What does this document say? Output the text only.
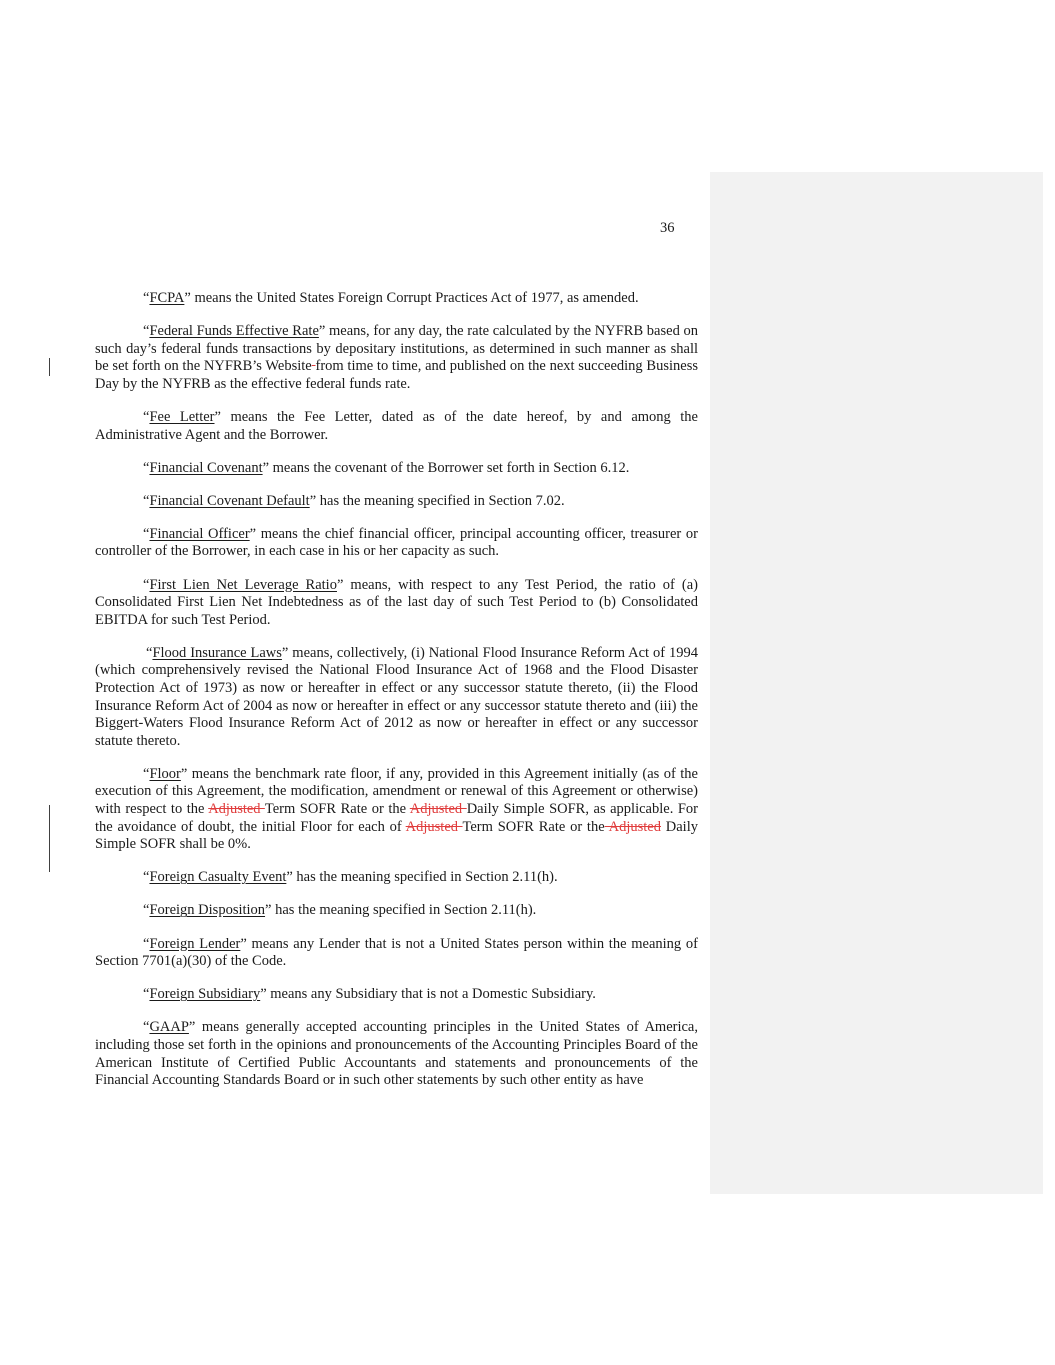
36

“FCPA” means the United States Foreign Corrupt Practices Act of 1977, as amended.

“Federal Funds Effective Rate” means, for any day, the rate calculated by the NYFRB based on such day’s federal funds transactions by depositary institutions, as determined in such manner as shall be set forth on the NYFRB’s Website from time to time, and published on the next succeeding Business Day by the NYFRB as the effective federal funds rate.

“Fee Letter” means the Fee Letter, dated as of the date hereof, by and among the Administrative Agent and the Borrower.

“Financial Covenant” means the covenant of the Borrower set forth in Section 6.12.

“Financial Covenant Default” has the meaning specified in Section 7.02.

“Financial Officer” means the chief financial officer, principal accounting officer, treasurer or controller of the Borrower, in each case in his or her capacity as such.

“First Lien Net Leverage Ratio” means, with respect to any Test Period, the ratio of (a) Consolidated First Lien Net Indebtedness as of the last day of such Test Period to (b) Consolidated EBITDA for such Test Period.

“Flood Insurance Laws” means, collectively, (i) National Flood Insurance Reform Act of 1994 (which comprehensively revised the National Flood Insurance Act of 1968 and the Flood Disaster Protection Act of 1973) as now or hereafter in effect or any successor statute thereto, (ii) the Flood Insurance Reform Act of 2004 as now or hereafter in effect or any successor statute thereto and (iii) the Biggert-Waters Flood Insurance Reform Act of 2012 as now or hereafter in effect or any successor statute thereto.

“Floor” means the benchmark rate floor, if any, provided in this Agreement initially (as of the execution of this Agreement, the modification, amendment or renewal of this Agreement or otherwise) with respect to the Adjusted Term SOFR Rate or the Adjusted Daily Simple SOFR, as applicable. For the avoidance of doubt, the initial Floor for each of Adjusted Term SOFR Rate or the Adjusted Daily Simple SOFR shall be 0%.

“Foreign Casualty Event” has the meaning specified in Section 2.11(h).

“Foreign Disposition” has the meaning specified in Section 2.11(h).

“Foreign Lender” means any Lender that is not a United States person within the meaning of Section 7701(a)(30) of the Code.

“Foreign Subsidiary” means any Subsidiary that is not a Domestic Subsidiary.

“GAAP” means generally accepted accounting principles in the United States of America, including those set forth in the opinions and pronouncements of the Accounting Principles Board of the American Institute of Certified Public Accountants and statements and pronouncements of the Financial Accounting Standards Board or in such other statements by such other entity as have
